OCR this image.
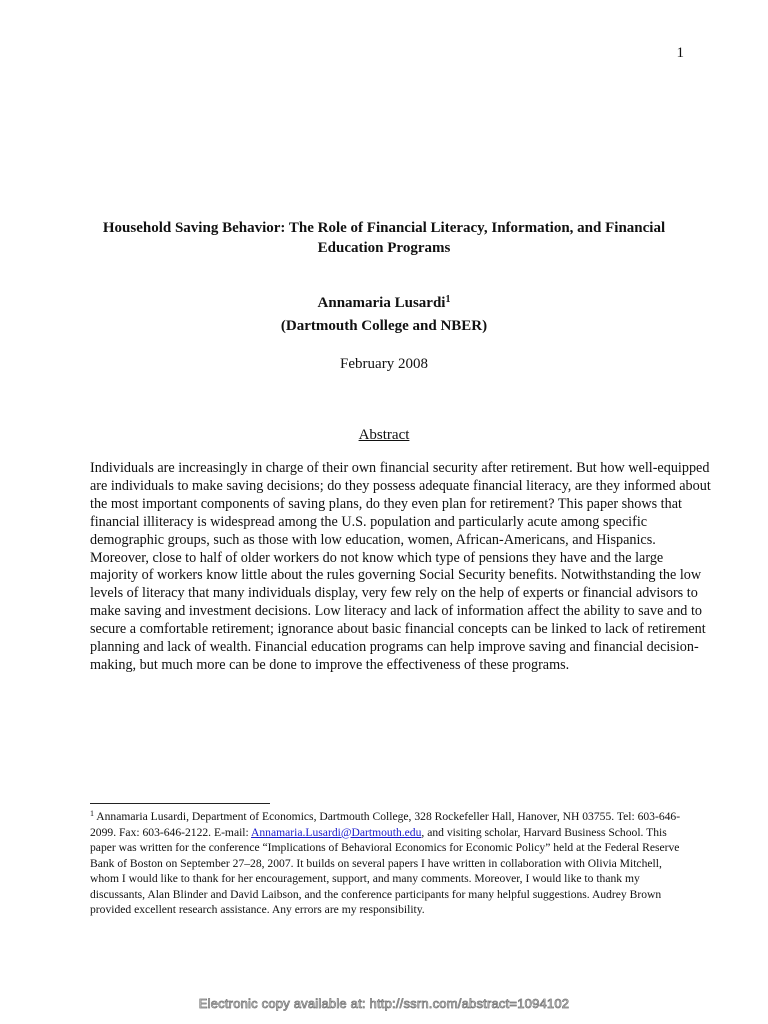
1
Household Saving Behavior: The Role of Financial Literacy, Information, and Financial Education Programs
Annamaria Lusardi$^1$
(Dartmouth College and NBER)
February 2008
Abstract

Individuals are increasingly in charge of their own financial security after retirement. But how well-equipped are individuals to make saving decisions; do they possess adequate financial literacy, are they informed about the most important components of saving plans, do they even plan for retirement? This paper shows that financial illiteracy is widespread among the U.S. population and particularly acute among specific demographic groups, such as those with low education, women, African-Americans, and Hispanics. Moreover, close to half of older workers do not know which type of pensions they have and the large majority of workers know little about the rules governing Social Security benefits. Notwithstanding the low levels of literacy that many individuals display, very few rely on the help of experts or financial advisors to make saving and investment decisions. Low literacy and lack of information affect the ability to save and to secure a comfortable retirement; ignorance about basic financial concepts can be linked to lack of retirement planning and lack of wealth. Financial education programs can help improve saving and financial decision-making, but much more can be done to improve the effectiveness of these programs.

$^1$ Annamaria Lusardi, Department of Economics, Dartmouth College, 328 Rockefeller Hall, Hanover, NH 03755. Tel: 603-646-2099. Fax: 603-646-2122. E-mail: Annamaria.Lusardi@Dartmouth.edu, and visiting scholar, Harvard Business School. This paper was written for the conference “Implications of Behavioral Economics for Economic Policy” held at the Federal Reserve Bank of Boston on September 27–28, 2007. It builds on several papers I have written in collaboration with Olivia Mitchell, whom I would like to thank for her encouragement, support, and many comments. Moreover, I would like to thank my discussants, Alan Blinder and David Laibson, and the conference participants for many helpful suggestions. Audrey Brown provided excellent research assistance. Any errors are my responsibility.

Electronic copy available at: http://ssrn.com/abstract=1094102
